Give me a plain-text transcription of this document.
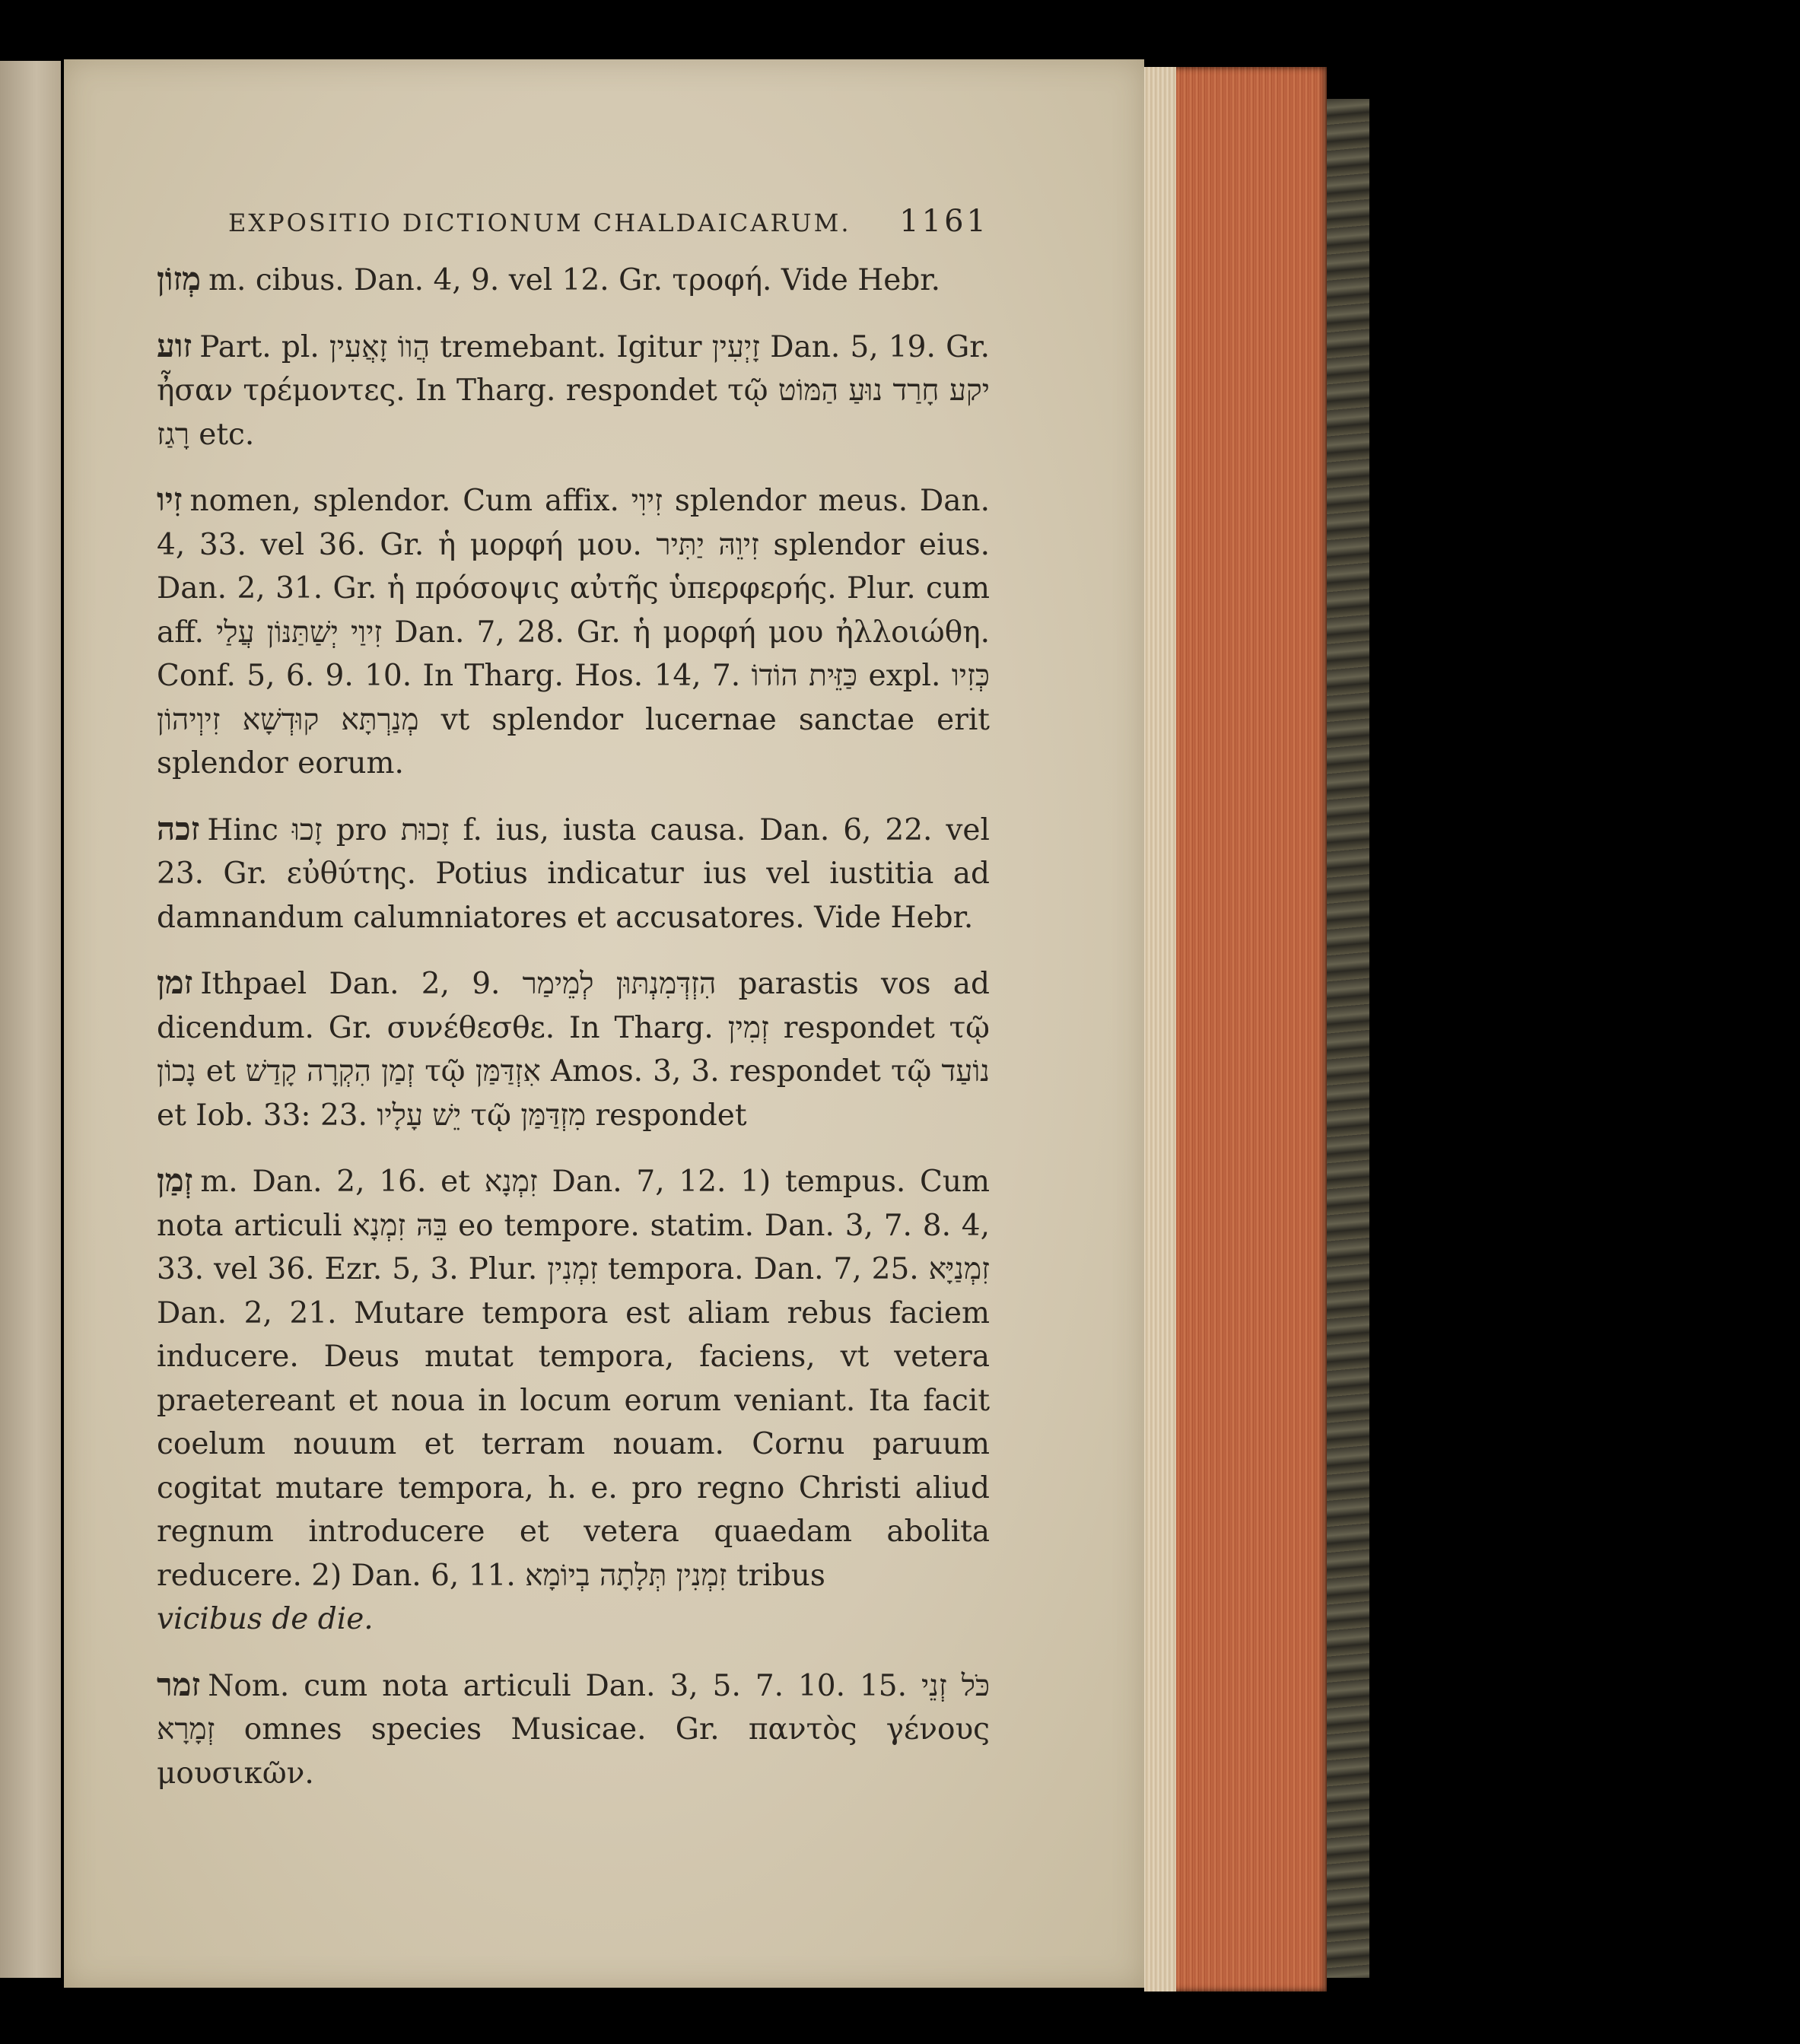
EXPOSITIO DICTIONUM CHALDAICARUM. 1161

מְזוֹן m. cibus. Dan. 4, 9. vel 12. Gr. τροφή. Vide Hebr.

זוע Part. pl. הֲווֹ זָאֲעִין tremebant. Igitur זָיְעִין Dan. 5, 19. Gr. ἦσαν τρέμοντες. In Tharg. respondet τῷ יקע חָרַד נוּעַ הַמּוֹט רָגַז etc.

זִיו nomen, splendor. Cum affix. זִיוִי splendor meus. Dan. 4, 33. vel 36. Gr. ἡ μορφή μου. זִיוֵהּ יַתִּיר splendor eius. Dan. 2, 31. Gr. ἡ πρόσοψις αὐτῆς ὑπερφερής. Plur. cum aff. זִיוַי יְשַׁתַּנּוֹן עֲלַי Dan. 7, 28. Gr. ἡ μορφή μου ἠλλοιώθη. Conf. 5, 6. 9. 10. In Tharg. Hos. 14, 7. כַּזֵּית הוֹדוֹ expl. כְּזִיו מְנַרְתָּא קוּדְשָׁא זִיוְיהוֹן vt splendor lucernae sanctae erit splendor eorum.

זכה Hinc זָכוּ pro זָכוּת f. ius, iusta causa. Dan. 6, 22. vel 23. Gr. εὐθύτης. Potius indicatur ius vel iustitia ad damnandum calumniatores et accusatores. Vide Hebr.

זמן Ithpael Dan. 2, 9. הִזְדְּמִנְתּוּן לְמֵימַר parastis vos ad dicendum. Gr. συνέθεσθε. In Tharg. זְמִין respondet τῷ נָכוֹן et זְמַן הִקְרָה קָדַשׁ τῷ אִזְדַּמַּן Amos. 3, 3. respondet τῷ נוֹעַד et Iob. 33: 23. יֵשׁ עָלָיו τῷ מִזְדַּמַּן respondet

זְמַן m. Dan. 2, 16. et זִמְנָא Dan. 7, 12. 1) tempus. Cum nota articuli בֵּהּ זִמְנָא eo tempore. statim. Dan. 3, 7. 8. 4, 33. vel 36. Ezr. 5, 3. Plur. זִמְנִין tempora. Dan. 7, 25. זִמְנַיָּא Dan. 2, 21. Mutare tempora est aliam rebus faciem inducere. Deus mutat tempora, faciens, vt vetera praetereant et noua in locum eorum veniant. Ita facit coelum nouum et terram nouam. Cornu paruum cogitat mutare tempora, h. e. pro regno Christi aliud regnum introducere et vetera quaedam abolita reducere. 2) Dan. 6, 11. זִמְנִין תְּלָתָה בְיוֹמָא tribus

vicibus de die.

זמר Nom. cum nota articuli Dan. 3, 5. 7. 10. 15. כֹּל זְנֵי זְמָרָא omnes species Musicae. Gr. παντὸς γένους μουσικῶν.
